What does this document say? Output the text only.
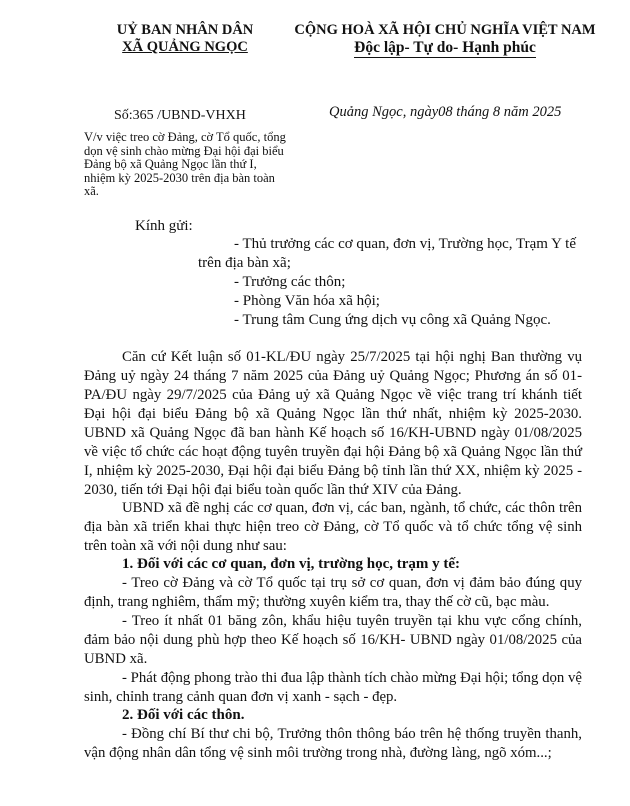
UỶ BAN NHÂN DÂN
XÃ QUẢNG NGỌC
CỘNG HOÀ XÃ HỘI CHỦ NGHĨA VIỆT NAM
Độc lập- Tự do- Hạnh phúc
Số:365 /UBND-VHXH	Quảng Ngọc, ngày08 tháng 8 năm 2025
V/v việc treo cờ Đảng, cờ Tổ quốc, tổng dọn vệ sinh chào mừng Đại hội đại biểu Đảng bộ xã Quảng Ngọc lần thứ I, nhiệm kỳ 2025-2030 trên địa bàn toàn xã.
Kính gửi:
- Thủ trưởng các cơ quan, đơn vị, Trường học, Trạm Y tế
trên địa bàn xã;
- Trưởng các thôn;
- Phòng Văn hóa xã hội;
- Trung tâm Cung ứng dịch vụ công xã Quảng Ngọc.
Căn cứ Kết luận số 01-KL/ĐU ngày 25/7/2025 tại hội nghị Ban thường vụ Đảng uỷ ngày 24 tháng 7 năm 2025 của Đảng uỷ Quảng Ngọc; Phương án số 01-PA/ĐU ngày 29/7/2025 của Đảng uỷ xã Quảng Ngọc về việc trang trí khánh tiết Đại hội đại biểu Đảng bộ xã Quảng Ngọc lần thứ nhất, nhiệm kỳ 2025-2030. UBND xã Quảng Ngọc đã ban hành Kế hoạch số 16/KH-UBND ngày 01/08/2025 về việc tổ chức các hoạt động tuyên truyền đại hội Đảng bộ xã Quảng Ngọc lần thứ I, nhiệm kỳ 2025-2030, Đại hội đại biểu Đảng bộ tỉnh lần thứ XX, nhiệm kỳ 2025 - 2030, tiến tới Đại hội đại biểu toàn quốc lần thứ XIV của Đảng.
UBND xã đề nghị các cơ quan, đơn vị, các ban, ngành, tổ chức, các thôn trên địa bàn xã triển khai thực hiện treo cờ Đảng, cờ Tổ quốc và tổ chức tổng vệ sinh trên toàn xã với nội dung như sau:
1. Đối với các cơ quan, đơn vị, trường học, trạm y tế:
- Treo cờ Đảng và cờ Tổ quốc tại trụ sở cơ quan, đơn vị đảm bảo đúng quy định, trang nghiêm, thẩm mỹ; thường xuyên kiểm tra, thay thế cờ cũ, bạc màu.
- Treo ít nhất 01 băng zôn, khẩu hiệu tuyên truyền tại khu vực cổng chính, đảm bảo nội dung phù hợp theo Kế hoạch số 16/KH- UBND ngày 01/08/2025 của UBND xã.
- Phát động phong trào thi đua lập thành tích chào mừng Đại hội; tổng dọn vệ sinh, chỉnh trang cảnh quan đơn vị xanh - sạch - đẹp.
2. Đối với các thôn.
- Đồng chí Bí thư chi bộ, Trưởng thôn thông báo trên hệ thống truyền thanh, vận động nhân dân tổng vệ sinh môi trường trong nhà, đường làng, ngõ xóm...;
